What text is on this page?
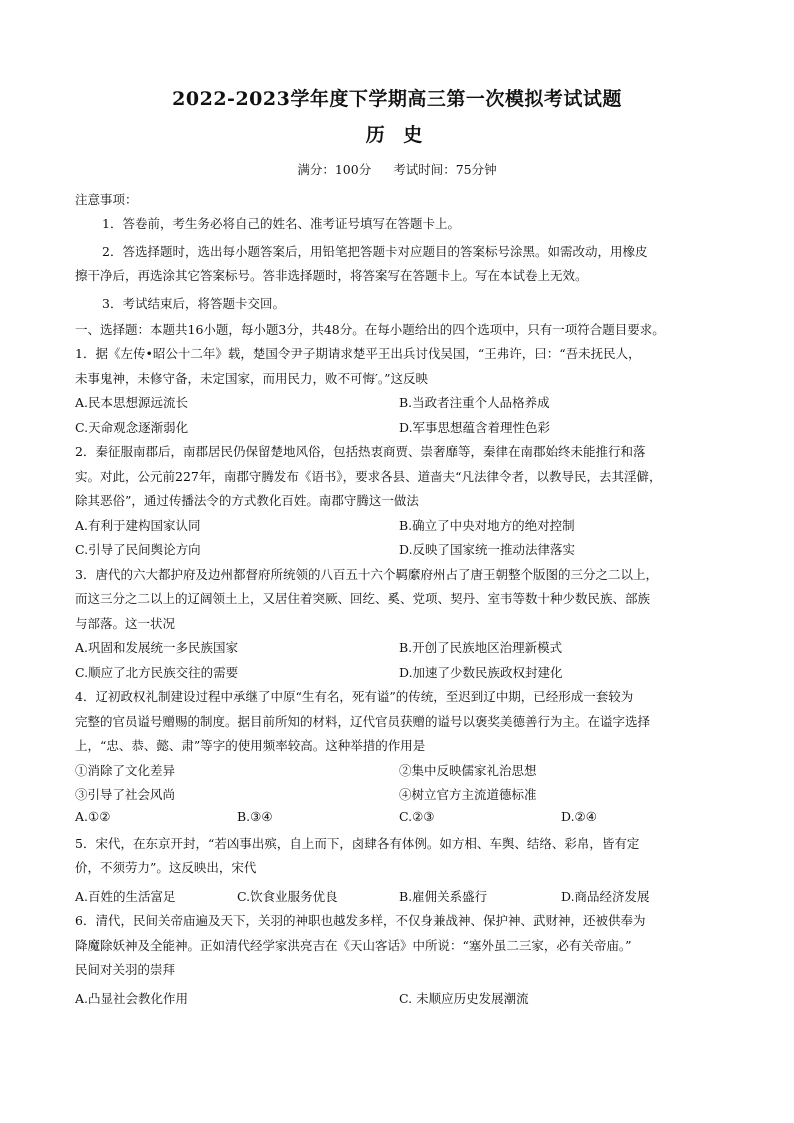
2022-2023学年度下学期高三第一次模拟考试试题
历 史
满分：100分 考试时间：75分钟
注意事项：
1．答卷前，考生务必将自己的姓名、准考证号填写在答题卡上。
2．答选择题时，选出每小题答案后，用铅笔把答题卡对应题目的答案标号涂黑。如需改动，用橡皮
擦干净后，再选涂其它答案标号。答非选择题时，将答案写在答题卡上。写在本试卷上无效。
3．考试结束后，将答题卡交回。
一、选择题：本题共16小题，每小题3分，共48分。在每小题给出的四个选项中，只有一项符合题目要求。
1．据《左传•昭公十二年》载，楚国令尹子期请求楚平王出兵讨伐吴国，“王弗许，曰：“吾未抚民人，
未事鬼神，未修守备，未定国家，而用民力，败不可悔′。”这反映
A.民本思想源远流长	B.当政者注重个人品格养成
C.天命观念逐渐弱化	D.军事思想蕴含着理性色彩
2．秦征服南郡后，南郡居民仍保留楚地风俗，包括热衷商贾、崇奢靡等，秦律在南郡始终未能推行和落
实。对此，公元前227年，南郡守腾发布《语书》，要求各县、道啬夫“凡法律令者，以教导民，去其淫僻，
除其恶俗”，通过传播法令的方式教化百姓。南郡守腾这一做法
A.有利于建构国家认同	B.确立了中央对地方的绝对控制
C.引导了民间舆论方向	D.反映了国家统一推动法律落实
3．唐代的六大都护府及边州都督府所统领的八百五十六个羁縻府州占了唐王朝整个版图的三分之二以上，
而这三分之二以上的辽阔领土上，又居住着突厥、回纥、奚、党项、契丹、室韦等数十种少数民族、部族
与部落。这一状况
A.巩固和发展统一多民族国家	B.开创了民族地区治理新模式
C.顺应了北方民族交往的需要	D.加速了少数民族政权封建化
4．辽初政权礼制建设过程中承继了中原“生有名，死有谥”的传统，至迟到辽中期，已经形成一套较为
完整的官员谥号赠赐的制度。据目前所知的材料，辽代官员获赠的谥号以褒奖美德善行为主。在谥字选择
上，“忠、恭、懿、肃”等字的使用频率较高。这种举措的作用是
①消除了文化差异	②集中反映儒家礼治思想
③引导了社会风尚	④树立官方主流道德标准
A.①②	B.③④	C.②③	D.②④
5．宋代，在东京开封，“若凶事出殡，自上而下，卤肆各有体例。如方相、车舆、结络、彩帛，皆有定
价，不须劳力”。这反映出，宋代
A.百姓的生活富足	C.饮食业服务优良	B.雇佣关系盛行	D.商品经济发展
6．清代，民间关帝庙遍及天下，关羽的神职也越发多样，不仅身兼战神、保护神、武财神，还被供奉为
降魔除妖神及全能神。正如清代经学家洪亮吉在《天山客话》中所说：“塞外虽二三家，必有关帝庙。”
民间对关羽的崇拜
A.凸显社会教化作用	C. 未顺应历史发展潮流
